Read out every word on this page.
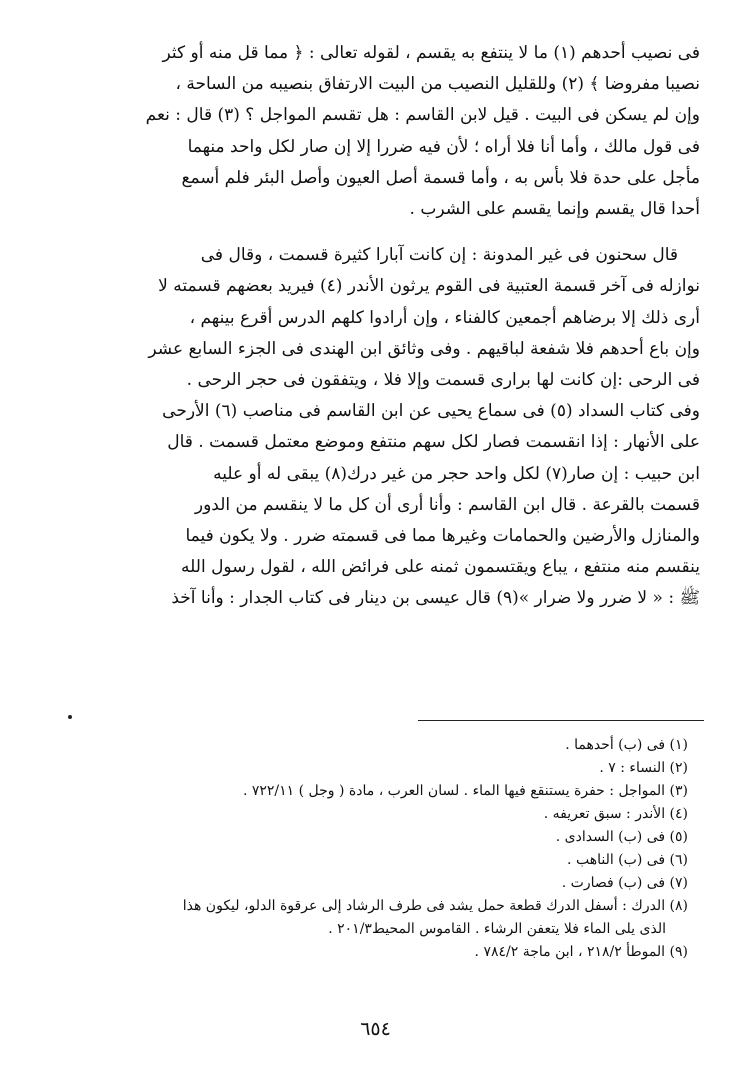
فى نصيب أحدهم (١) ما لا ينتفع به يقسم ، لقوله تعالى : ﴿ مما قل منه أو كثر

نصيبا مفروضا ﴾ (٢) وللقليل النصيب من البيت الارتفاق بنصيبه من الساحة ،

وإن لم يسكن فى البيت . قيل لابن القاسم : هل تقسم المواجل ؟ (٣) قال : نعم

فى قول مالك ، وأما أنا فلا أراه ؛ لأن فيه ضررا إلا إن صار لكل واحد منهما

مأجل على حدة فلا بأس به ، وأما قسمة أصل العيون وأصل البئر فلم أسمع

أحدا قال يقسم وإنما يقسم على الشرب .

قال سحنون فى غير المدونة : إن كانت آبارا كثيرة قسمت ، وقال فى

نوازله فى آخر قسمة العتبية فى القوم يرثون الأندر (٤) فيريد بعضهم قسمته لا

أرى ذلك إلا برضاهم أجمعين كالفناء ، وإن أرادوا كلهم الدرس أقرع بينهم ،

وإن باع أحدهم فلا شفعة لباقيهم . وفى وثائق ابن الهندى فى الجزء السابع عشر

فى الرحى :إن كانت لها برارى قسمت وإلا فلا ، ويتفقون فى حجر الرحى .

وفى كتاب السداد (٥) فى سماع يحيى عن ابن القاسم فى مناصب (٦) الأرحى

على الأنهار : إذا انقسمت فصار لكل سهم منتفع وموضع معتمل قسمت . قال

ابن حبيب : إن صار(٧) لكل واحد حجر من غير درك(٨) يبقى له أو عليه

قسمت بالقرعة . قال ابن القاسم : وأنا أرى أن كل ما لا ينقسم من الدور

والمنازل والأرضين والحمامات وغيرها مما فى قسمته ضرر . ولا يكون فيما

ينقسم منه منتفع ، يباع ويقتسمون ثمنه على فرائض الله ، لقول رسول الله

ﷺ : « لا ضرر ولا ضرار »(٩) قال عيسى بن دينار فى كتاب الجدار : وأنا آخذ

(١) فى (ب) أحدهما .

(٢) النساء : ٧ .

(٣) المواجل : حفرة يستنقع فيها الماء . لسان العرب ، مادة ( وجل ) ٧٢٢/١١ .

(٤) الأندر : سبق تعريفه .

(٥) فى (ب) السدادى .

(٦) فى (ب) الناهب .

(٧) فى (ب) فصارت .

(٨) الدرك : أسفل الدرك قطعة حمل يشد فى طرف الرشاد إلى عرقوة الدلو، ليكون هذا

الذى يلى الماء فلا يتعفن الرشاء . القاموس المحيط٢٠١/٣ .

(٩) الموطأ ٢١٨/٢ ، ابن ماجة ٧٨٤/٢ .

٦٥٤
